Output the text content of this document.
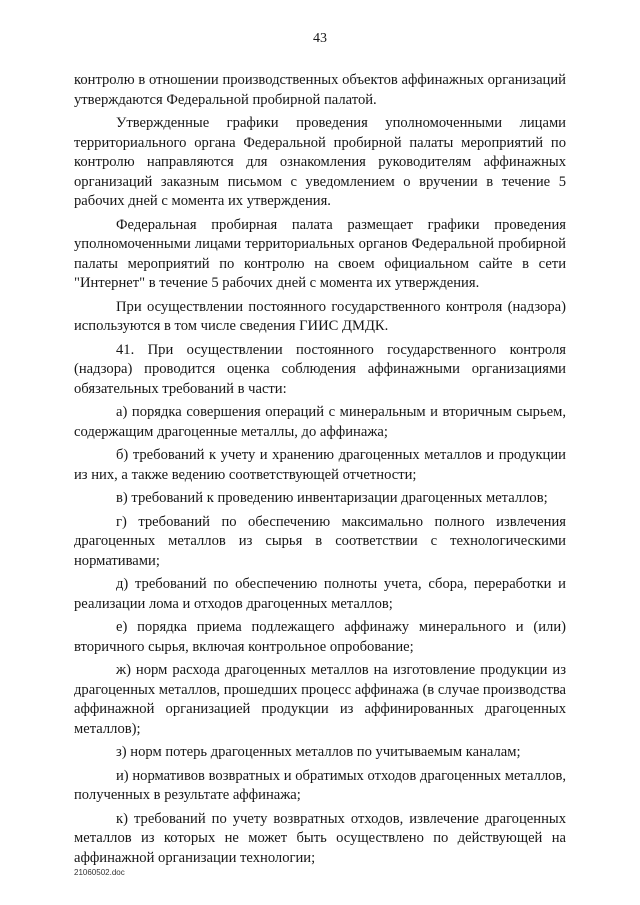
43

контролю в отношении производственных объектов аффинажных организаций утверждаются Федеральной пробирной палатой.

Утвержденные графики проведения уполномоченными лицами территориального органа Федеральной пробирной палаты мероприятий по контролю направляются для ознакомления руководителям аффинажных организаций заказным письмом с уведомлением о вручении в течение 5 рабочих дней с момента их утверждения.

Федеральная пробирная палата размещает графики проведения уполномоченными лицами территориальных органов Федеральной пробирной палаты мероприятий по контролю на своем официальном сайте в сети "Интернет" в течение 5 рабочих дней с момента их утверждения.

При осуществлении постоянного государственного контроля (надзора) используются в том числе сведения ГИИС ДМДК.

41. При осуществлении постоянного государственного контроля (надзора) проводится оценка соблюдения аффинажными организациями обязательных требований в части:

а) порядка совершения операций с минеральным и вторичным сырьем, содержащим драгоценные металлы, до аффинажа;

б) требований к учету и хранению драгоценных металлов и продукции из них, а также ведению соответствующей отчетности;

в) требований к проведению инвентаризации драгоценных металлов;

г) требований по обеспечению максимально полного извлечения драгоценных металлов из сырья в соответствии с технологическими нормативами;

д) требований по обеспечению полноты учета, сбора, переработки и реализации лома и отходов драгоценных металлов;

е) порядка приема подлежащего аффинажу минерального и (или) вторичного сырья, включая контрольное опробование;

ж) норм расхода драгоценных металлов на изготовление продукции из драгоценных металлов, прошедших процесс аффинажа (в случае производства аффинажной организацией продукции из аффинированных драгоценных металлов);

з) норм потерь драгоценных металлов по учитываемым каналам;

и) нормативов возвратных и обратимых отходов драгоценных металлов, полученных в результате аффинажа;

к) требований по учету возвратных отходов, извлечение драгоценных металлов из которых не может быть осуществлено по действующей на аффинажной организации технологии;

21060502.doc
